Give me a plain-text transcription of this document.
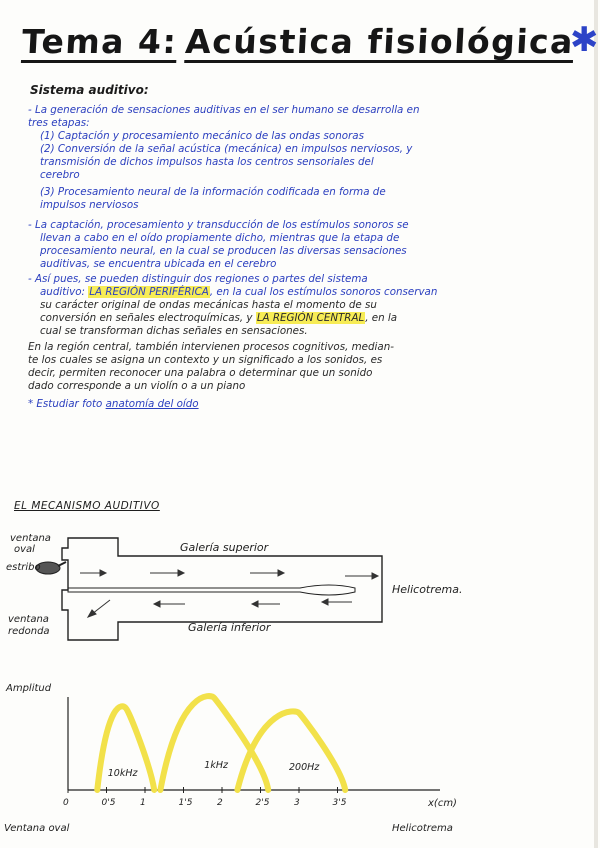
Tema 4: Acústica fisiológica
✱
Sistema auditivo:

- La generación de sensaciones auditivas en el ser humano se desarrolla en

tres etapas:

(1) Captación y procesamiento mecánico de las ondas sonoras

(2) Conversión de la señal acústica (mecánica) en impulsos nerviosos, y

transmisión de dichos impulsos hasta los centros sensoriales del

cerebro

(3) Procesamiento neural de la información codificada en forma de

impulsos nerviosos

- La captación, procesamiento y transducción de los estímulos sonoros se

llevan a cabo en el oído propiamente dicho, mientras que la etapa de

procesamiento neural, en la cual se producen las diversas sensaciones

auditivas, se encuentra ubicada en el cerebro

- Así pues, se pueden distinguir dos regiones o partes del sistema

auditivo: LA REGIÓN PERIFÉRICA, en la cual los estímulos sonoros conservan

su carácter original de ondas mecánicas hasta el momento de su

conversión en señales electroquímicas, y LA REGIÓN CENTRAL, en la

cual se transforman dichas señales en sensaciones.

En la región central, también intervienen procesos cognitivos, median-

te los cuales se asigna un contexto y un significado a los sonidos, es

decir, permiten reconocer una palabra o determinar que un sonido

dado corresponde a un violín o a un piano

* Estudiar foto anatomía del oído

EL MECANISMO AUDITIVO
ventana
oval
estribo
ventana
redonda
Galería superior
Galería inferior
Helicotrema.
Amplitud
x(cm)
10kHz
1kHz	200Hz
0	0'5	1	1'5	2	2'5	3	3'5
Ventana oval	Helicotrema
